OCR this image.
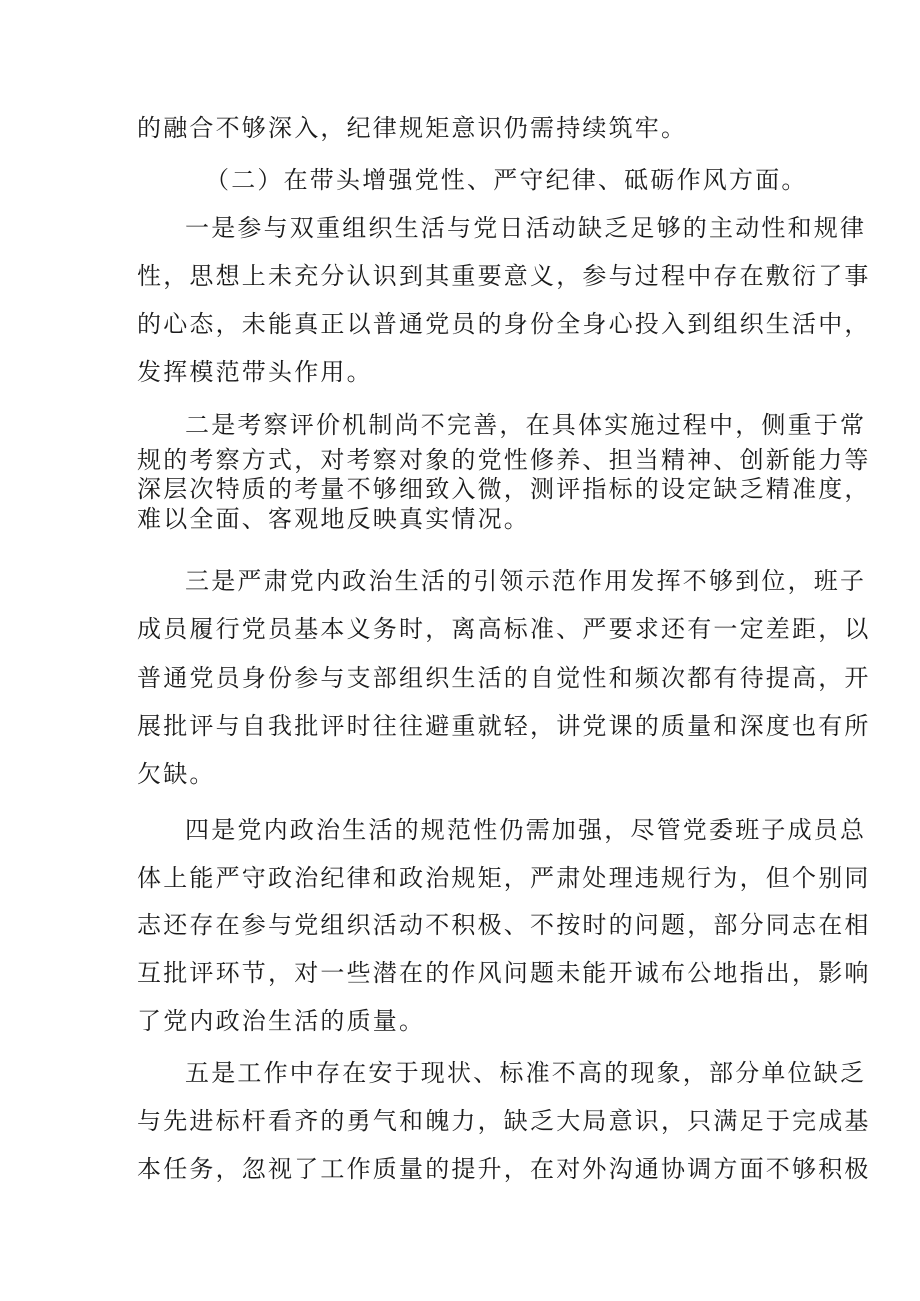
的融合不够深入，纪律规矩意识仍需持续筑牢。
（二）在带头增强党性、严守纪律、砥砺作风方面。
一是参与双重组织生活与党日活动缺乏足够的主动性和规律
性，思想上未充分认识到其重要意义，参与过程中存在敷衍了事
的心态，未能真正以普通党员的身份全身心投入到组织生活中，
发挥模范带头作用。
二是考察评价机制尚不完善，在具体实施过程中，侧重于常
规的考察方式，对考察对象的党性修养、担当精神、创新能力等
深层次特质的考量不够细致入微，测评指标的设定缺乏精准度，
难以全面、客观地反映真实情况。
三是严肃党内政治生活的引领示范作用发挥不够到位，班子
成员履行党员基本义务时，离高标准、严要求还有一定差距，以
普通党员身份参与支部组织生活的自觉性和频次都有待提高，开
展批评与自我批评时往往避重就轻，讲党课的质量和深度也有所
欠缺。
四是党内政治生活的规范性仍需加强，尽管党委班子成员总
体上能严守政治纪律和政治规矩，严肃处理违规行为，但个别同
志还存在参与党组织活动不积极、不按时的问题，部分同志在相
互批评环节，对一些潜在的作风问题未能开诚布公地指出，影响
了党内政治生活的质量。
五是工作中存在安于现状、标准不高的现象，部分单位缺乏
与先进标杆看齐的勇气和魄力，缺乏大局意识，只满足于完成基
本任务，忽视了工作质量的提升，在对外沟通协调方面不够积极
